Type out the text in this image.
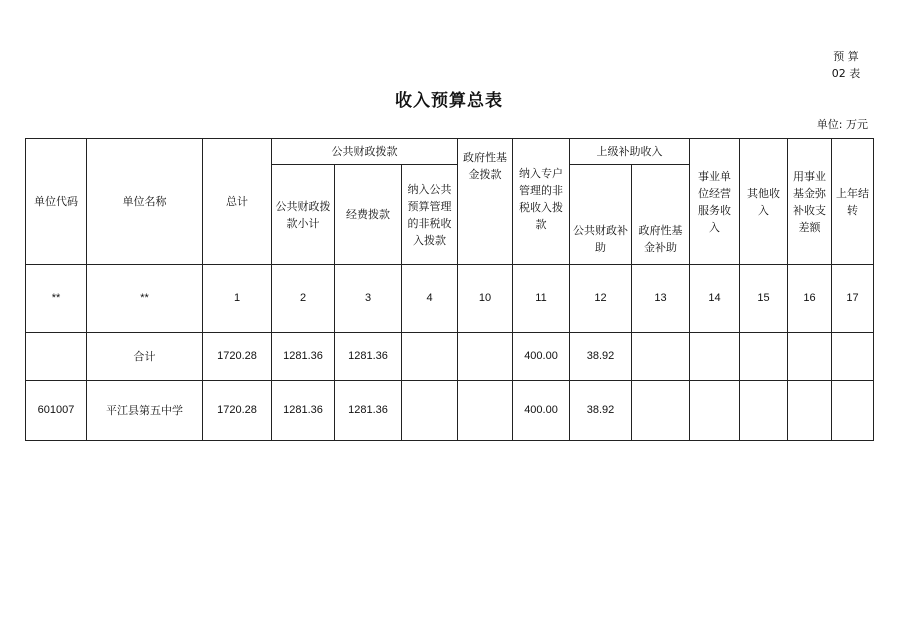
预 算
02 表
收入预算总表
单位: 万元
单位代码	单位名称	总计	公共财政拨款			政府性基金拨款	纳入专户管理的非税收入拨款	上级补助收入		事业单位经营服务收入	其他收入	用事业基金弥补收支差额	上年结转
			公共财政拨款小计	经费拨款	纳入公共预算管理的非税收入拨款			公共财政补助	政府性基金补助				
**	**	1	2	3	4	10	11	12	13	14	15	16	17
	合计	1720.28	1281.36	1281.36			400.00	38.92					
601007	平江县第五中学	1720.28	1281.36	1281.36			400.00	38.92					
